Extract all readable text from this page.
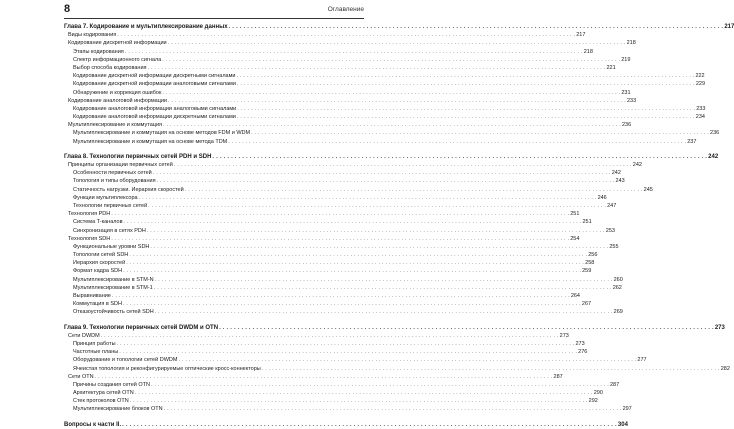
8	Оглавление
Глава 7. Кодирование и мультиплексирование данных . . .	217
Виды кодирования . . .	217
Кодирование дискретной информации . . .	218
Этапы кодирования . . .	218
Спектр информационного сигнала . . .	219
Выбор способа кодирования . . .	221
Кодирование дискретной информации дискретными сигналами . . .	222
Кодирование дискретной информации аналоговыми сигналами . . .	229
Обнаружение и коррекция ошибок . . .	231
Кодирование аналоговой информации . . .	233
Кодирование аналоговой информации аналоговыми сигналами . . .	233
Кодирование аналоговой информации дискретными сигналами . . .	234
Мультиплексирование и коммутация . . .	236
Мультиплексирование и коммутация на основе методов FDM и WDM . . .	236
Мультиплексирование и коммутация на основе метода TDM . . .	237
Глава 8. Технологии первичных сетей PDH и SDH . . .	242
Принципы организации первичных сетей . . .	242
Особенности первичных сетей . . .	242
Топология и типы оборудования . . .	243
Статичность нагрузки. Иерархия скоростей . . .	245
Функции мультиплексора . . .	246
Технологии первичных сетей . . .	247
Технология PDH . . .	251
Система T-каналов . . .	251
Синхронизация в сетях PDH . . .	253
Технология SDH . . .	254
Функциональные уровни SDH . . .	255
Топологии сетей SDH . . .	256
Иерархия скоростей . . .	258
Формат кадра SDH . . .	259
Мультиплексирование в STM-N . . .	260
Мультиплексирование в STM-1 . . .	262
Выравнивание . . .	264
Коммутация в SDH . . .	267
Отказоустойчивость сетей SDH . . .	269
Глава 9. Технологии первичных сетей DWDM и OTN . . .	273
Сети DWDM . . .	273
Принцип работы . . .	273
Частотные планы . . .	276
Оборудование и топологии сетей DWDM . . .	277
Ячеистая топология и реконфигурируемые оптические кросс-коннекторы . . .	282
Сети OTN . . .	287
Причины создания сетей OTN . . .	287
Архитектура сетей OTN . . .	290
Стек протоколов OTN . . .	292
Мультиплексирование блоков OTN . . .	297
Вопросы к части II. . . .	304
